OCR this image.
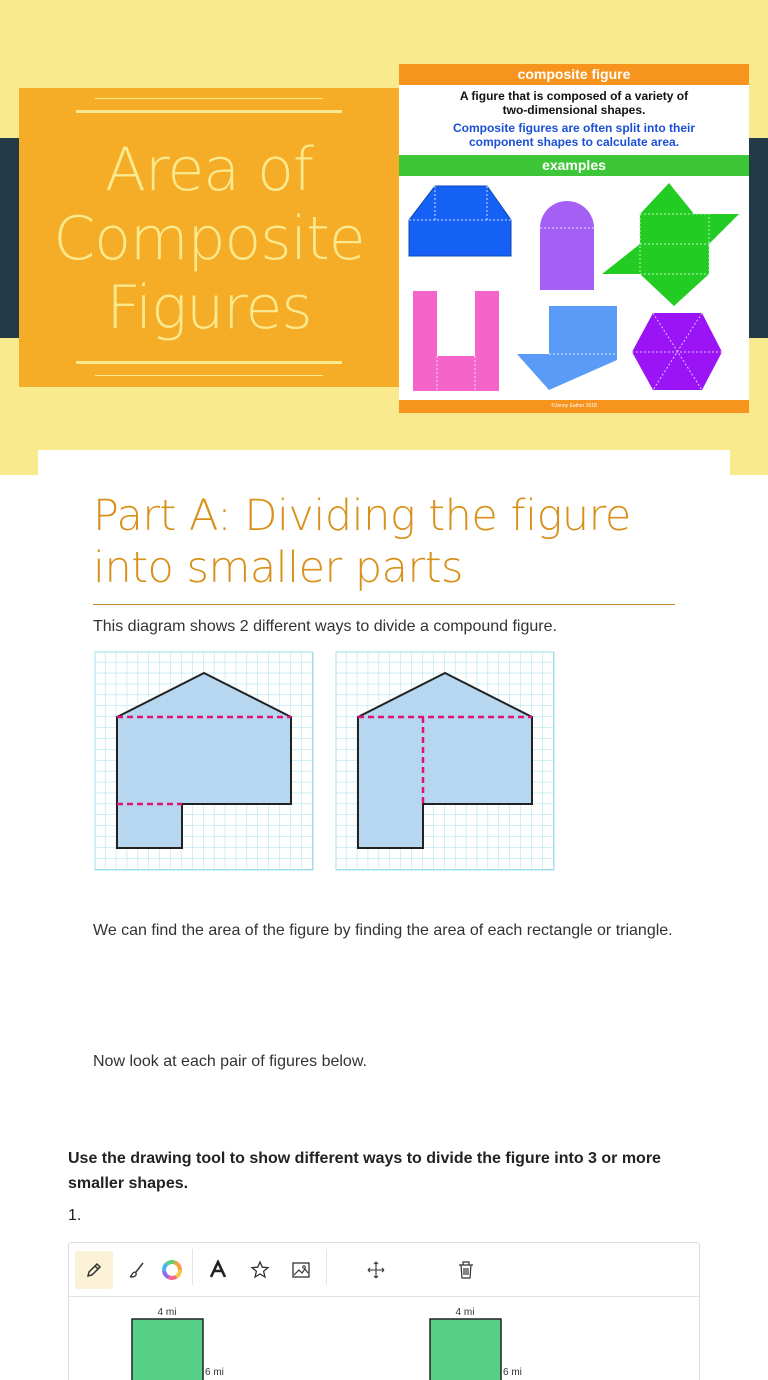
Area of Composite Figures
composite figure
A figure that is composed of a variety of two-dimensional shapes.
Composite figures are often split into their component shapes to calculate area.
examples
©Jenny Eather 2018
Part A: Dividing the figure into smaller parts
This diagram shows 2 different ways to divide a compound figure.
We can find the area of the figure by finding the area of each rectangle or triangle.
Now look at each pair of figures below.
Use the drawing tool to show different ways to divide the figure into 3 or more smaller shapes.
1.
4 mi
6 mi
4 mi
6 mi
